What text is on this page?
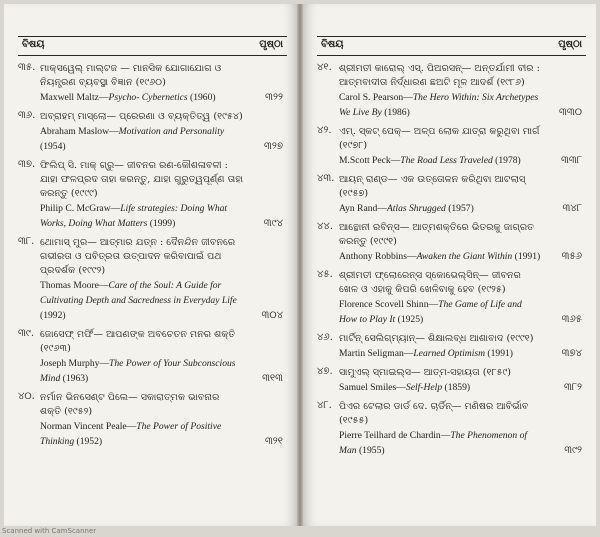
ବିଷୟ	ପୃଷ୍ଠା
୩୫. ମାକ୍ସୱେଲ୍ ମାଲ୍ଟଜ — ମାନସିକ ଯୋଗାଯୋଗ ଓ ନିୟନ୍ତ୍ରଣ ବ୍ୟବସ୍ଥା ବିଜ୍ଞାନ (୧୯୬୦)
Maxwell Maltz—Psycho- Cybernetics (1960)	୩୨୨
୩୬. ଅବ୍ରାହମ୍ ମାସ୍ଲୋ— ପ୍ରେରଣା ଓ ବ୍ୟକ୍ତିତ୍ୱ (୧୯୫୪)
Abraham Maslow—Motivation and Personality (1954)	୩୨୭
୩୭. ଫିଲିପ୍ ସି. ମାକ୍ ଗ୍ରୁ— ଜୀବନର ରଣ-କୌଶଳାବଳୀ : ଯାହା ଫଳପ୍ରଦ ତାହା କରନ୍ତୁ, ଯାହା ଗୁରୁତ୍ୱପୂର୍ଣ୍ଣ ତାହା କରନ୍ତୁ (୧୯୯୯)
Philip C. McGraw—Life strategies: Doing What Works, Doing What Matters (1999)	୩୯୪
୩୮. ଥୋମାସ୍ ମୁର— ଆତ୍ମାର ଯତ୍ନ : ଦୈନନ୍ଦିନ ଜୀବନରେ ଗଭୀରତା ଓ ପବିତ୍ରତା ଉତ୍ପାଦନ କରିବାପାଇଁ ପଥ ପ୍ରଦର୍ଶକ (୧୯୯୨)
Thomas Moore—Care of the Soul: A Guide for Cultivating Depth and Sacredness in Everyday Life (1992)	୩୦୪
୩୯. ଜୋସେଫ୍ ମର୍ଫି— ଆପଣଙ୍କ ଅବଚେତନ ମନର ଶକ୍ତି (୧୯୬୩)
Joseph Murphy—The Power of Your Subconscious Mind (1963)	୩୧୩
୪୦. ନର୍ମାନ ଭିନସେଣ୍ଟ ପିଲେ— ସକାରାତ୍ମକ ଭାବନାର ଶକ୍ତି (୧୯୫୨)
Norman Vincent Peale—The Power of Positive Thinking (1952)	୩୨୧
ବିଷୟ	ପୃଷ୍ଠା
୪୧. ଶ୍ରୀମତୀ କାରୋଲ୍ ଏସ୍. ପିଅରସନ୍— ଅନ୍ତର୍ଯାମୀ ବୀର : ଆତ୍ମବାଦୀତା ନିର୍ଦ୍ଧାରଣ ଛଅଟି ମୂଳ ଆଦର୍ଶ (୧୯୮୬)
Carol S. Pearson—The Hero Within: Six Archetypes We Live By (1986)	୩୩୦
୪୨. ଏମ୍. ସ୍କଟ୍ ପେକ୍— ଅଳ୍ପ ଲୋକ ଯାତ୍ରା କରୁଥିବା ମାର୍ଗ (୧୯୭୮)
M.Scott Peck—The Road Less Traveled (1978)	୩୩୮
୪୩. ଆୟନ୍ ରାଣ୍ଡ— ଏକ ଉତ୍ତୋଳନ କରିଥିବା ଆଟଲାସ୍ (୧୯୫୭)
Ayn Rand—Atlas Shrugged (1957)	୩୪୮
୪୪. ଆନ୍ଥୋନୀ ରବିନ୍ସ— ଆତ୍ମଶକ୍ତିରେ ଭିତରକୁ ଜାଗ୍ରତ କରନ୍ତୁ (୧୯୯୧)
Anthony Robbins—Awaken the Giant Within (1991) ୩୫୬
୪୫. ଶ୍ରୀମତୀ ଫ୍ଲୋରେନ୍ସ ସ୍କୋଭେଲ୍ସିନ୍— ଜୀବନର ଖେଳ ଓ ଏହାକୁ କିପରି ଖେଳିବାକୁ ହେବ (୧୯୨୫)
Florence Scovell Shinn—The Game of Life and How to Play It (1925)	୩୬୫
୪୬. ମାର୍ଟିନ୍ ସେଲିଗ୍ମ୍ୟାନ୍— ଶିକ୍ଷାଲବ୍ଧ ଆଶାବାଦ (୧୯୯୧)
Martin Seligman—Learned Optimism (1991)	୩୭୪
୪୭. ସାମୁଏଲ୍ ସ୍ମାଇଲ୍ସ— ଆତ୍ମ-ସହାୟତା (୧୮୫୯)
Samuel Smiles—Self-Help (1859)	୩୮୨
୪୮. ପିଏର ଟେଲାର ଡାର୍ଡ ଦେ. ଚାର୍ଡିନ୍— ମଣିଷର ଆବିର୍ଭାବ (୧୯୫୫)
Pierre Teilhard de Chardin—The Phenomenon of Man (1955)	୩୯୨
Scanned with CamScanner
